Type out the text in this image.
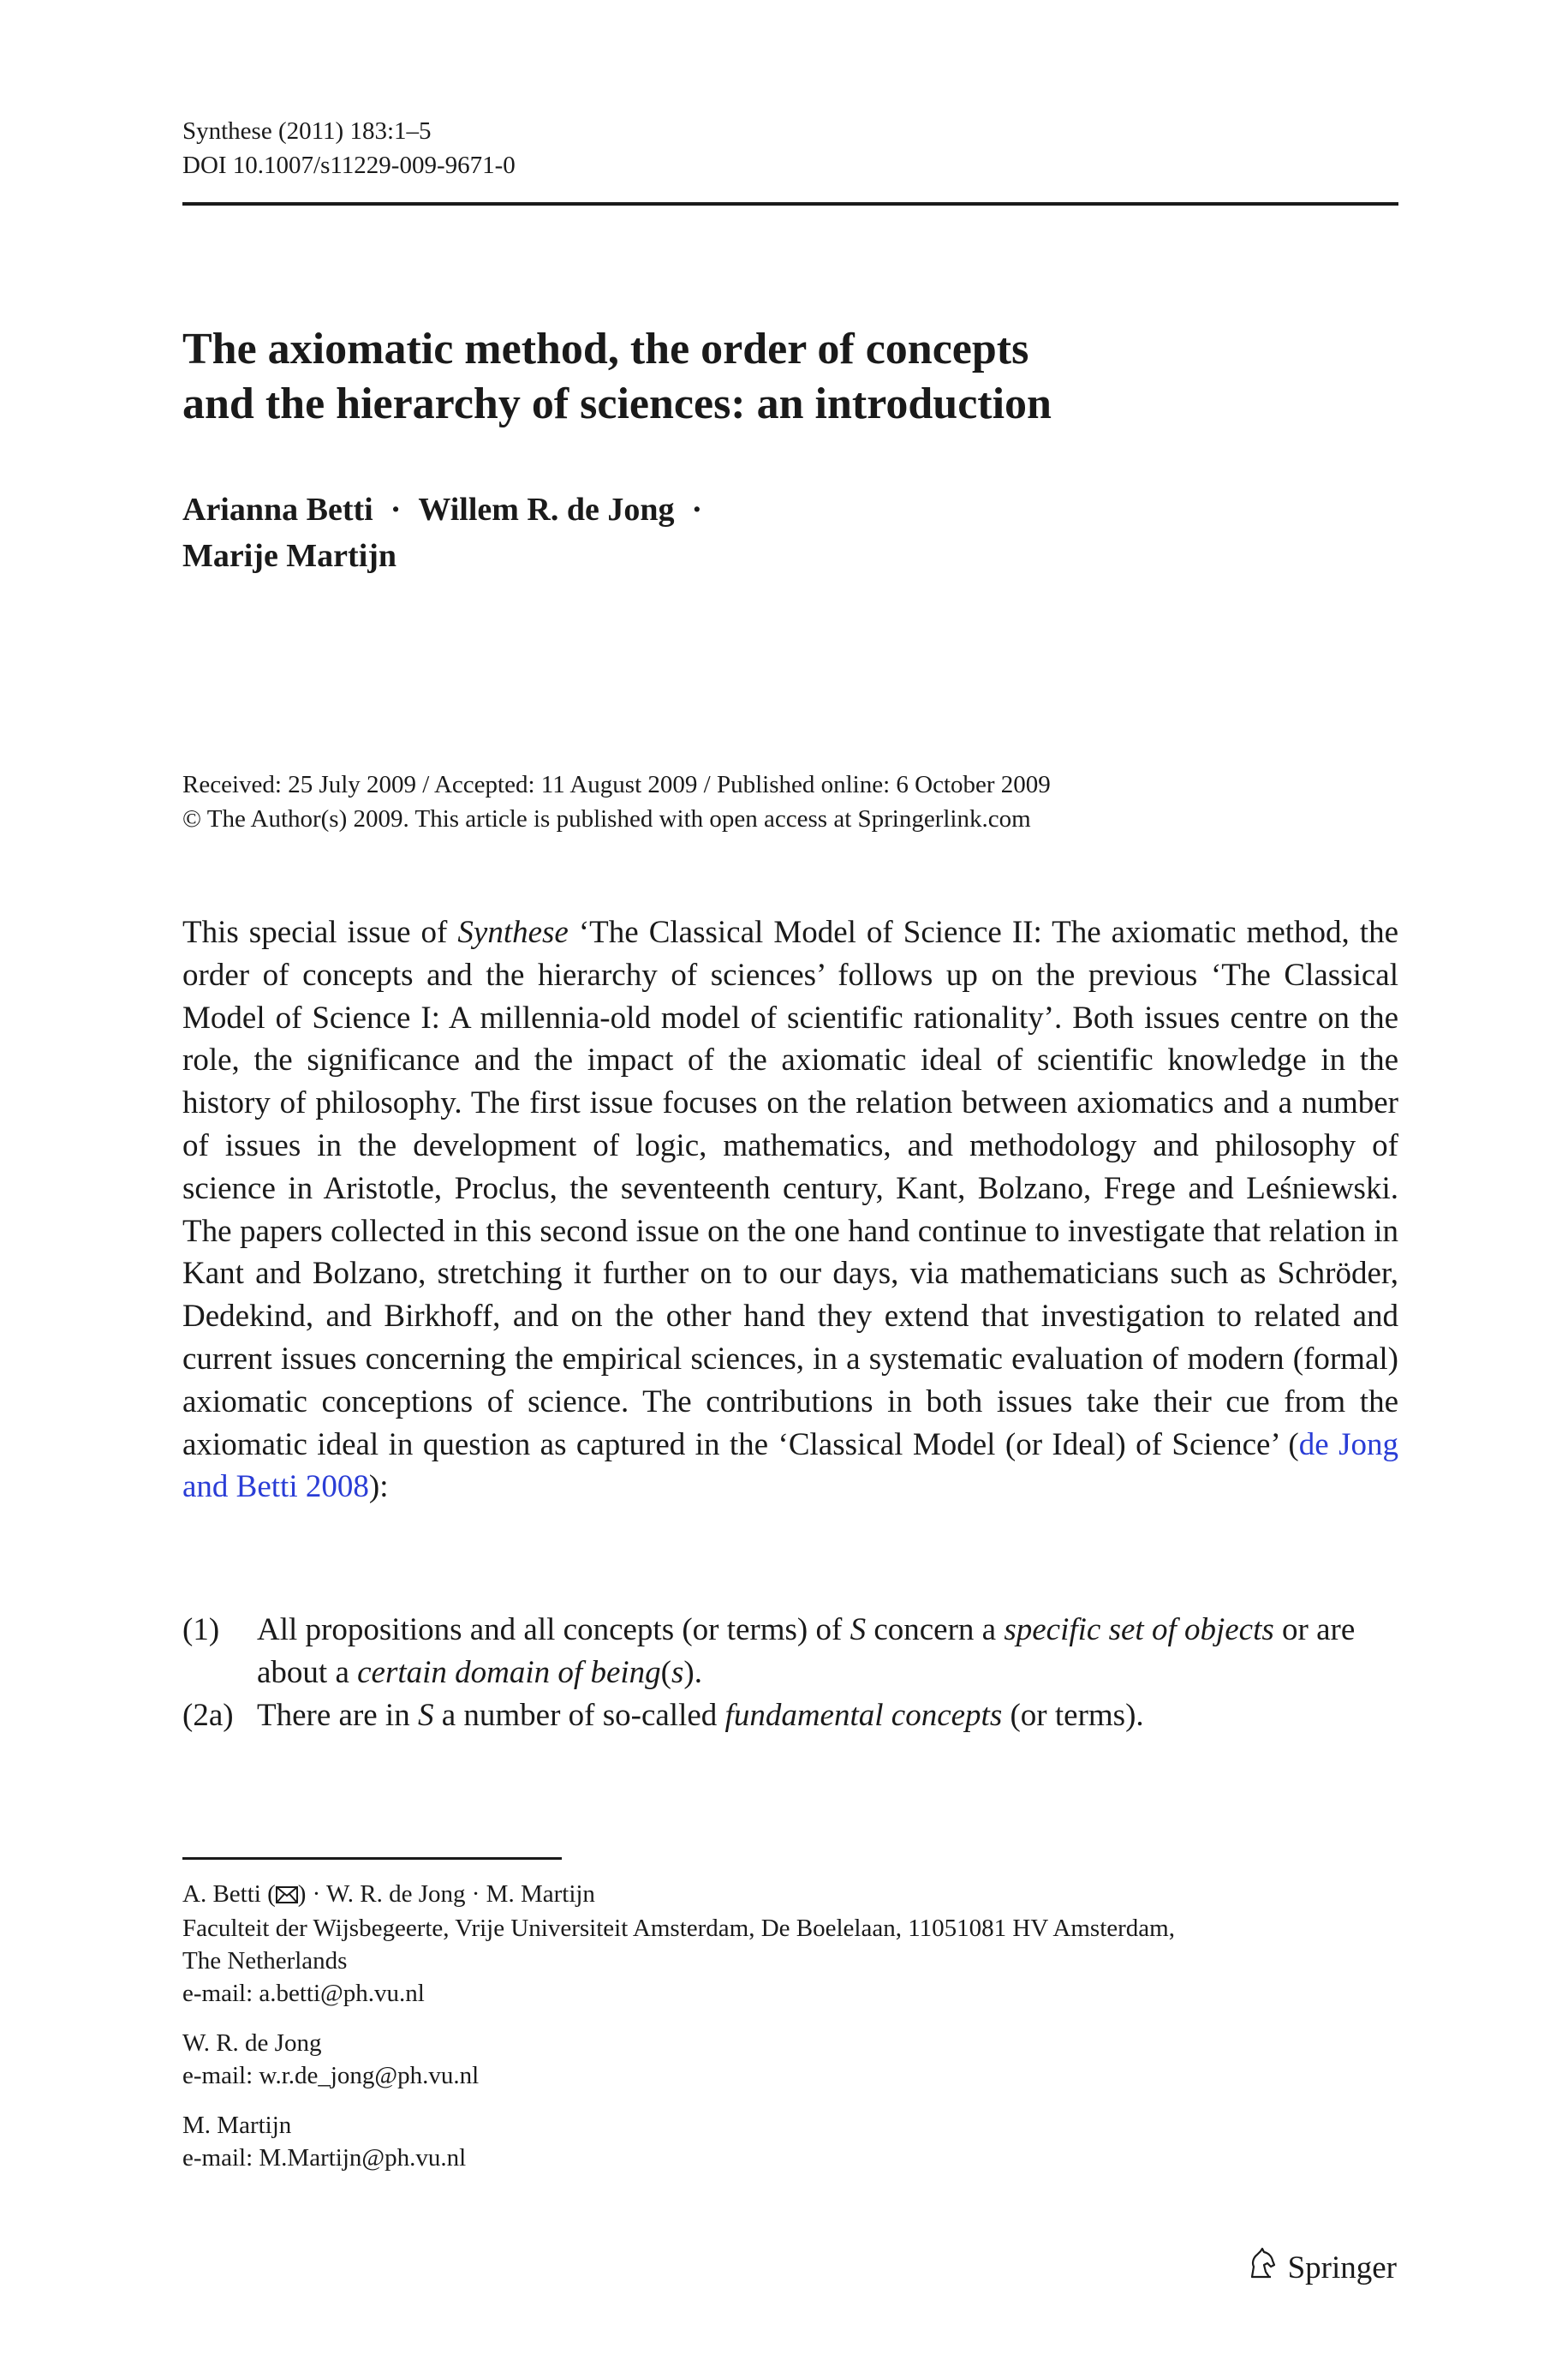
Synthese (2011) 183:1–5
DOI 10.1007/s11229-009-9671-0
The axiomatic method, the order of concepts
and the hierarchy of sciences: an introduction
Arianna Betti · Willem R. de Jong ·
Marije Martijn
Received: 25 July 2009 / Accepted: 11 August 2009 / Published online: 6 October 2009
© The Author(s) 2009. This article is published with open access at Springerlink.com
This special issue of Synthese ‘The Classical Model of Science II: The axiomatic method, the order of concepts and the hierarchy of sciences’ follows up on the previous ‘The Classical Model of Science I: A millennia-old model of scientific rationality’. Both issues centre on the role, the significance and the impact of the axiomatic ideal of scientific knowledge in the history of philosophy. The first issue focuses on the relation between axiomatics and a number of issues in the development of logic, mathematics, and methodology and philosophy of science in Aristotle, Proclus, the seventeenth century, Kant, Bolzano, Frege and Leśniewski. The papers collected in this second issue on the one hand continue to investigate that relation in Kant and Bolzano, stretching it further on to our days, via mathematicians such as Schröder, Dedekind, and Birkhoff, and on the other hand they extend that investigation to related and current issues concerning the empirical sciences, in a systematic evaluation of modern (formal) axiomatic conceptions of science. The contributions in both issues take their cue from the axiomatic ideal in question as captured in the ‘Classical Model (or Ideal) of Science’ (de Jong and Betti 2008):
(1) All propositions and all concepts (or terms) of S concern a specific set of objects or are about a certain domain of being(s).
(2a) There are in S a number of so-called fundamental concepts (or terms).

A. Betti ( ) · W. R. de Jong · M. Martijn

Faculteit der Wijsbegeerte, Vrije Universiteit Amsterdam, De Boelelaan, 11051081 HV Amsterdam,

The Netherlands

e-mail: a.betti@ph.vu.nl

W. R. de Jong

e-mail: w.r.de_jong@ph.vu.nl

M. Martijn

e-mail: M.Martijn@ph.vu.nl

Springer
